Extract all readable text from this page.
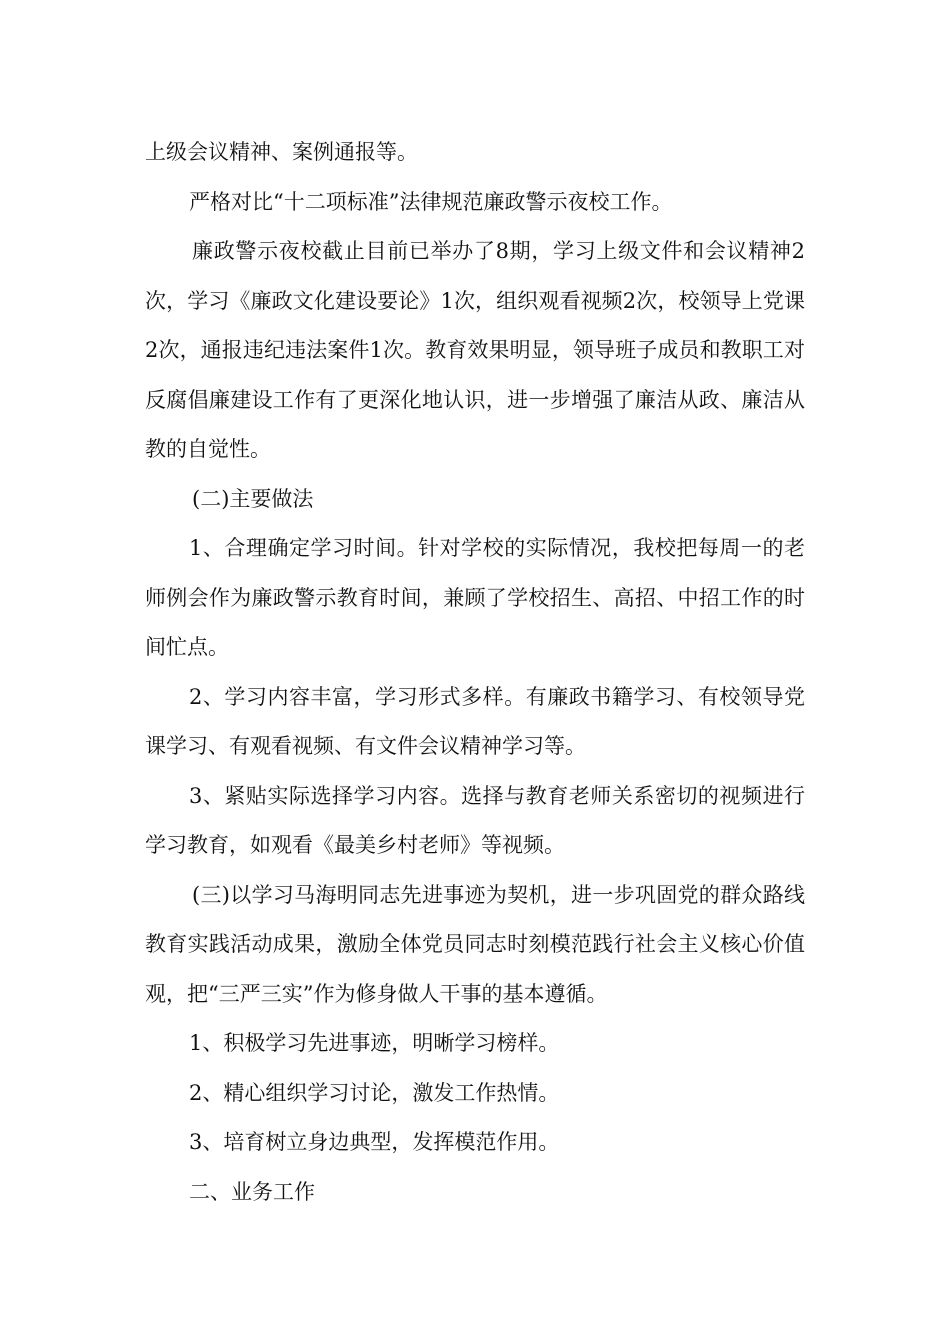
上级会议精神、案例通报等。

严格对比“十二项标准”法律规范廉政警示夜校工作。

廉政警示夜校截止目前已举办了8期，学习上级文件和会议精神2次，学习《廉政文化建设要论》1次，组织观看视频2次，校领导上党课2次，通报违纪违法案件1次。教育效果明显，领导班子成员和教职工对反腐倡廉建设工作有了更深化地认识，进一步增强了廉洁从政、廉洁从教的自觉性。

(二)主要做法

1、合理确定学习时间。针对学校的实际情况，我校把每周一的老师例会作为廉政警示教育时间，兼顾了学校招生、高招、中招工作的时间忙点。

2、学习内容丰富，学习形式多样。有廉政书籍学习、有校领导党课学习、有观看视频、有文件会议精神学习等。

3、紧贴实际选择学习内容。选择与教育老师关系密切的视频进行学习教育，如观看《最美乡村老师》等视频。

(三)以学习马海明同志先进事迹为契机，进一步巩固党的群众路线教育实践活动成果，激励全体党员同志时刻模范践行社会主义核心价值观，把“三严三实”作为修身做人干事的基本遵循。

1、积极学习先进事迹，明晰学习榜样。

2、精心组织学习讨论，激发工作热情。

3、培育树立身边典型，发挥模范作用。

二、业务工作
